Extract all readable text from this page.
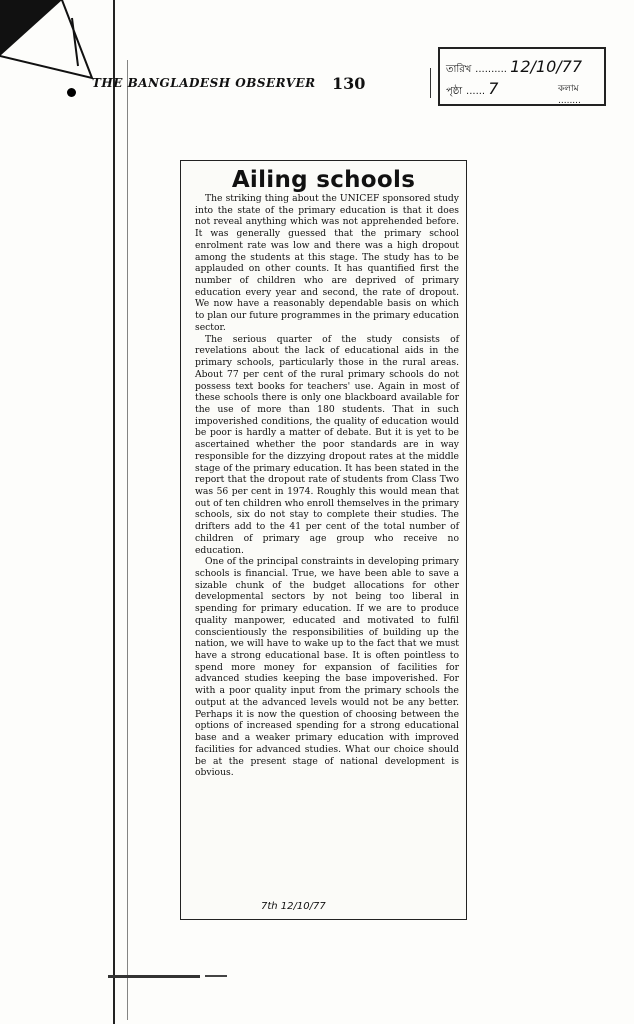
THE BANGLADESH OBSERVER 130
তারিখ .......... 12/10/77
পৃষ্ঠা ...... 7	কলাম ........
Ailing schools

The striking thing about the UNICEF sponsored study into the state of the primary education is that it does not reveal anything which was not apprehended before. It was generally guessed that the primary school enrolment rate was low and there was a high dropout among the students at this stage. The study has to be applauded on other counts. It has quantified first the number of children who are deprived of primary education every year and second, the rate of dropout. We now have a reasonably dependable basis on which to plan our future programmes in the primary education sector.

The serious quarter of the study consists of revelations about the lack of educational aids in the primary schools, particularly those in the rural areas. About 77 per cent of the rural primary schools do not possess text books for teachers' use. Again in most of these schools there is only one blackboard available for the use of more than 180 students. That in such impoverished conditions, the quality of education would be poor is hardly a matter of debate. But it is yet to be ascertained whether the poor standards are in way responsible for the dizzying dropout rates at the middle stage of the primary education. It has been stated in the report that the dropout rate of students from Class Two was 56 per cent in 1974. Roughly this would mean that out of ten children who enroll themselves in the primary schools, six do not stay to complete their studies. The drifters add to the 41 per cent of the total number of children of primary age group who receive no education.

One of the principal constraints in developing primary schools is financial. True, we have been able to save a sizable chunk of the budget allocations for other developmental sectors by not being too liberal in spending for primary education. If we are to produce quality manpower, educated and motivated to fulfil conscientiously the responsibilities of building up the nation, we will have to wake up to the fact that we must have a strong educational base. It is often pointless to spend more money for expansion of facilities for advanced studies keeping the base impoverished. For with a poor quality input from the primary schools the output at the advanced levels would not be any better. Perhaps it is now the question of choosing between the options of increased spending for a strong educational base and a weaker primary education with improved facilities for advanced studies. What our choice should be at the present stage of national development is obvious.

7th 12/10/77
